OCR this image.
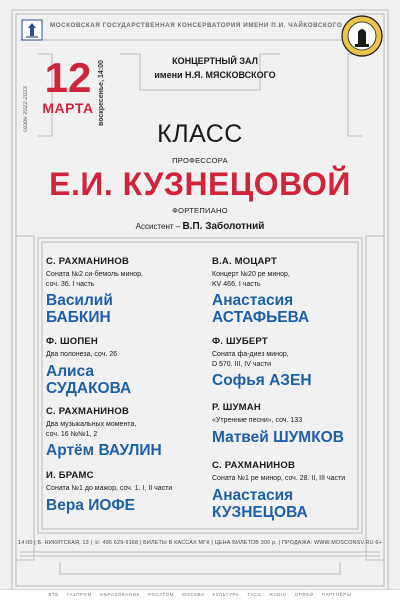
МОСКОВСКАЯ ГОСУДАРСТВЕННАЯ КОНСЕРВАТОРИЯ ИМЕНИ П.И. ЧАЙКОВСКОГО
сезон 2022-2023
12
МАРТА воскресенье, 14:00	КОНЦЕРТНЫЙ ЗАЛ
имени Н.Я. МЯСКОВСКОГО
КЛАСС
ПРОФЕССОРА
Е.И. КУЗНЕЦОВОЙ
ФОРТЕПИАНО
Ассистент – В.П. Заболотний
С. РАХМАНИНОВ
Соната №2 си-бемоль минор,
соч. 36. I часть
Василий
БАБКИН
Ф. ШОПЕН
Два полонеза, соч. 26
Алиса
СУДАКОВА
С. РАХМАНИНОВ
Два музыкальных момента,
соч. 16 №№1, 2
Артём ВАУЛИН
И. БРАМС
Соната №1 до мажор, соч. 1. I, II части
Вера ИОФЕ
В.А. МОЦАРТ
Концерт №20 ре минор,
KV 466. I часть
Анастасия
АСТАФЬЕВА
Ф. ШУБЕРТ
Соната фа-диез минор,
D 570. III, IV части
Софья АЗЕН
Р. ШУМАН
«Утренние песни», соч. 133
Матвей ШУМКОВ
С. РАХМАНИНОВ
Соната №1 ре минор, соч. 28. II, III части
Анастасия
КУЗНЕЦОВА
14:00 | Б. НИКИТСКАЯ, 13 | ☏ 495 629-9168 | БИЛЕТЫ В КАССАХ МГК | ЦЕНА БИЛЕТОВ 300 р. | ПРОДАЖА: WWW.MOSCONSV.RU 6+
ВТБ ГАЗПРОМ ОБРАЗОВАНИЕ РОСАТОМ МОСКВА КУЛЬТУРА ТАСС RADIO ОРФЕЙ ПАРТНЁРЫ
